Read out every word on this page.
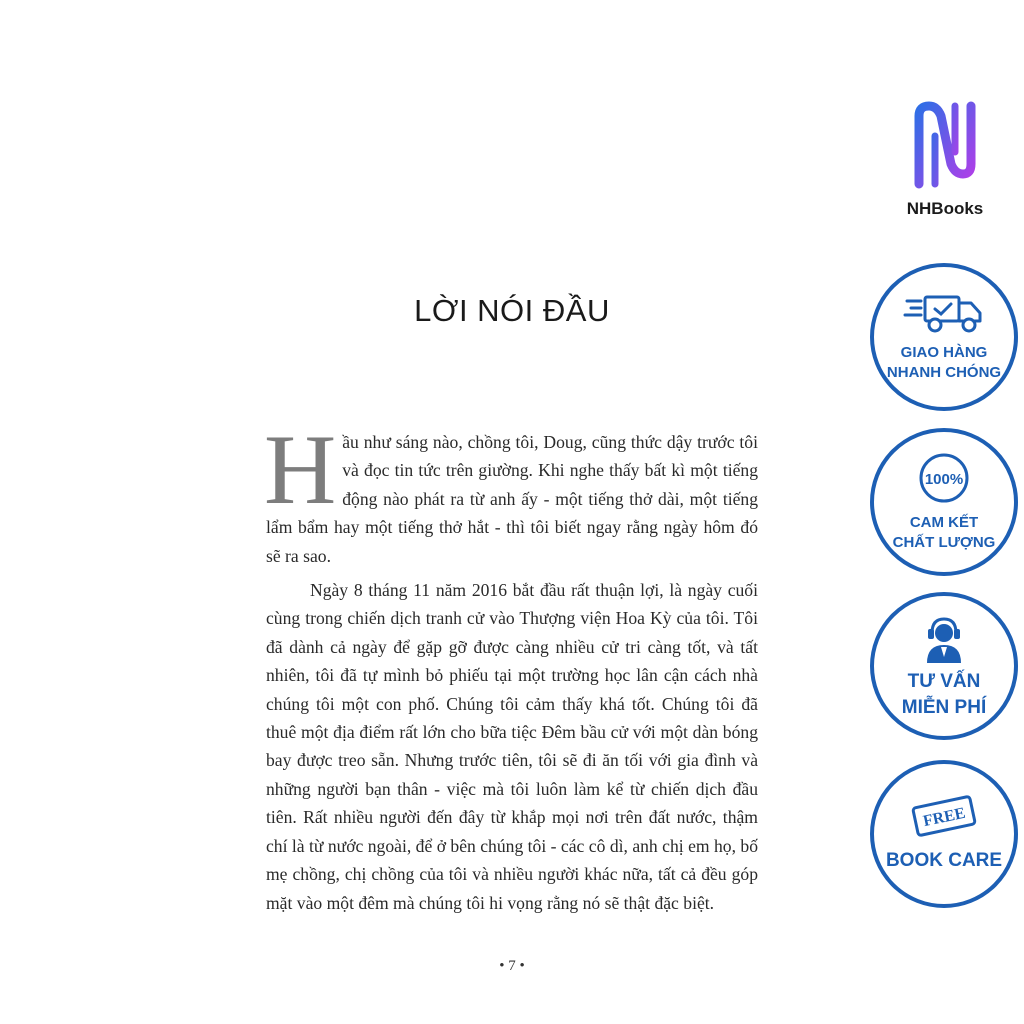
LỜI NÓI ĐẦU

Hầu như sáng nào, chồng tôi, Doug, cũng thức dậy trước tôi và đọc tin tức trên giường. Khi nghe thấy bất kì một tiếng động nào phát ra từ anh ấy - một tiếng thở dài, một tiếng lẩm bẩm hay một tiếng thở hắt - thì tôi biết ngay rằng ngày hôm đó sẽ ra sao.

Ngày 8 tháng 11 năm 2016 bắt đầu rất thuận lợi, là ngày cuối cùng trong chiến dịch tranh cử vào Thượng viện Hoa Kỳ của tôi. Tôi đã dành cả ngày để gặp gỡ được càng nhiều cử tri càng tốt, và tất nhiên, tôi đã tự mình bỏ phiếu tại một trường học lân cận cách nhà chúng tôi một con phố. Chúng tôi cảm thấy khá tốt. Chúng tôi đã thuê một địa điểm rất lớn cho bữa tiệc Đêm bầu cử với một dàn bóng bay được treo sẵn. Nhưng trước tiên, tôi sẽ đi ăn tối với gia đình và những người bạn thân - việc mà tôi luôn làm kể từ chiến dịch đầu tiên. Rất nhiều người đến đây từ khắp mọi nơi trên đất nước, thậm chí là từ nước ngoài, để ở bên chúng tôi - các cô dì, anh chị em họ, bố mẹ chồng, chị chồng của tôi và nhiều người khác nữa, tất cả đều góp mặt vào một đêm mà chúng tôi hi vọng rằng nó sẽ thật đặc biệt.

• 7 •
NHBooks
GIAO HÀNG
NHANH CHÓNG
100%
CAM KẾT
CHẤT LƯỢNG
TƯ VẤN
MIỄN PHÍ
FREE
BOOK CARE
